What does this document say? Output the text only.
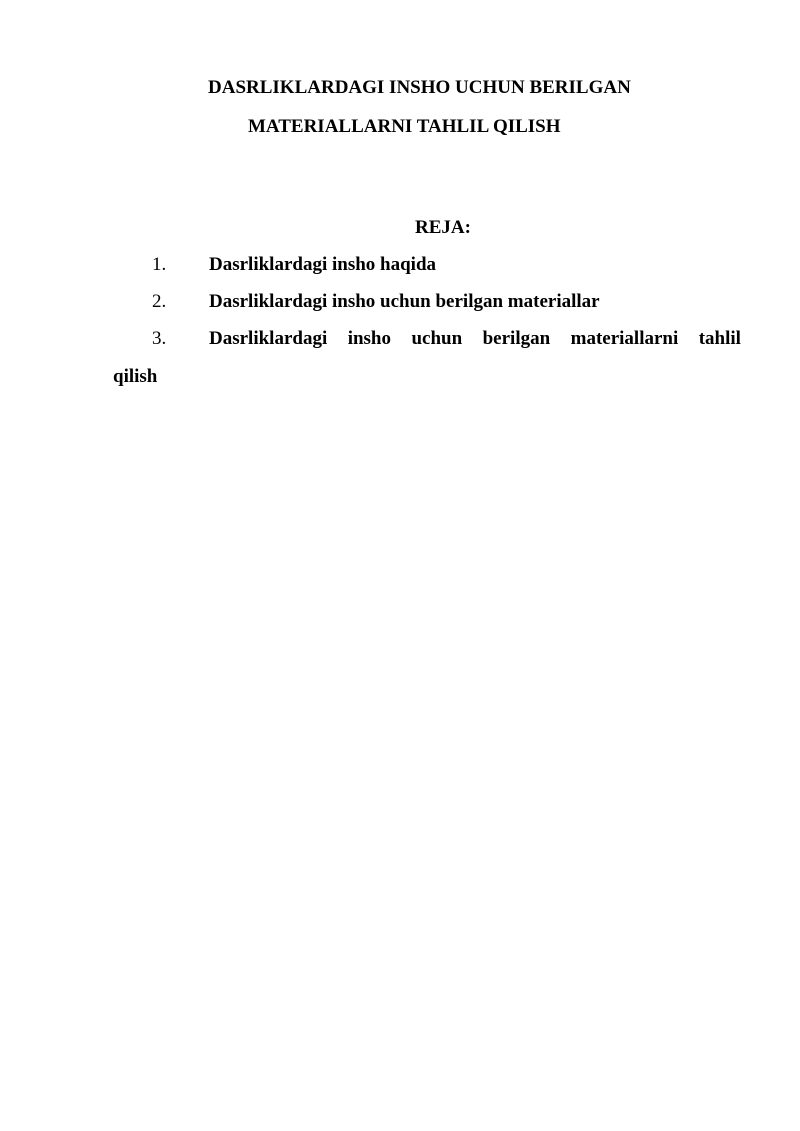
DASRLIKLARDAGI INSHO UCHUN BERILGAN
MATERIALLARNI TAHLIL QILISH
REJA:
1. Dasrliklardagi insho haqida
2. Dasrliklardagi insho uchun berilgan materiallar
3. Dasrliklardagi insho uchun berilgan materiallarni tahlil
qilish
